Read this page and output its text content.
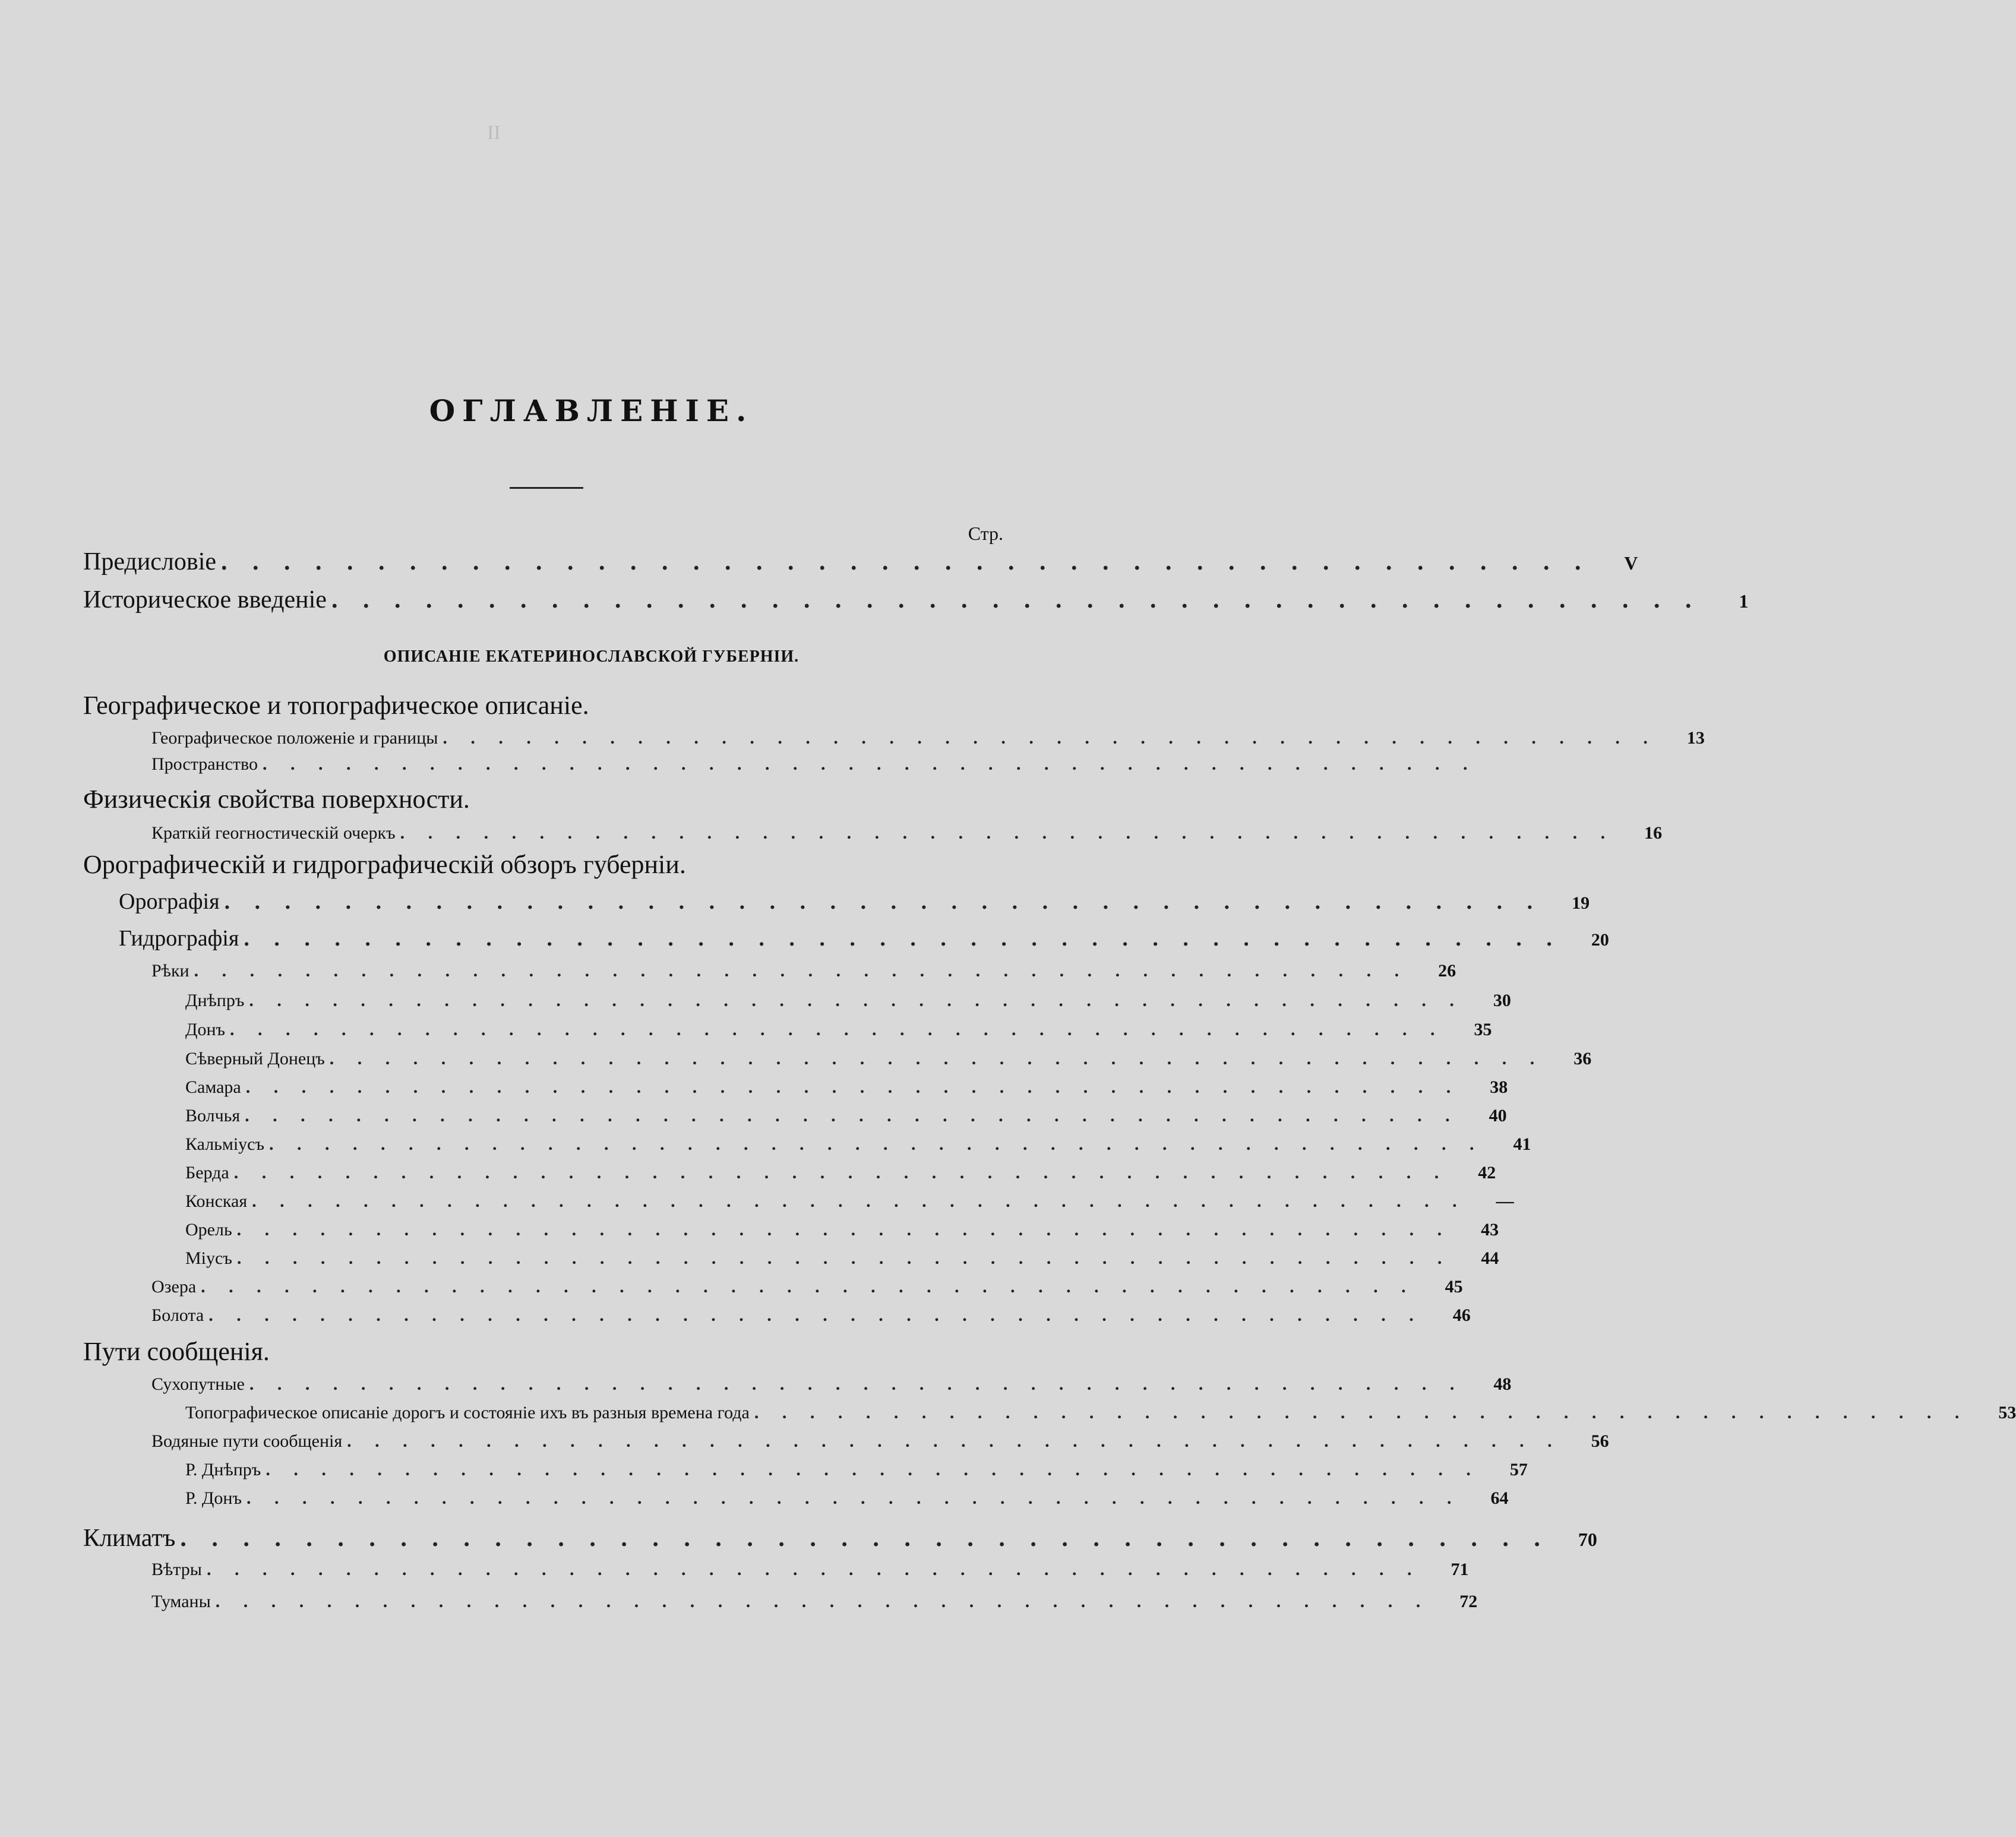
II
ОГЛАВЛЕНІЕ.
Стр.
Предисловіе . . . . . . . . . . . . . . . . . . . . . . . . . . . . . . . . . . . . . . . . . . . .	V
Историческое введеніе . . . . . . . . . . . . . . . . . . . . . . . . . . . . . . . . . . . . . . . . . . . .	1
ОПИСАНІЕ ЕКАТЕРИНОСЛАВСКОЙ ГУБЕРНІИ.
Географическое и топографическое описаніе.
Географическое положеніе и границы . . . . . . . . . . . . . . . . . . . . . . . . . . . . . . . . . . . . . . . . . . . .	13
Пространство . . . . . . . . . . . . . . . . . . . . . . . . . . . . . . . . . . . . . . . . . . . .
Физическія свойства поверхности.
Краткій геогностическій очеркъ . . . . . . . . . . . . . . . . . . . . . . . . . . . . . . . . . . . . . . . . . . . .	16
Орографическій и гидрографическій обзоръ губерніи.
Орографія . . . . . . . . . . . . . . . . . . . . . . . . . . . . . . . . . . . . . . . . . . . .	19
Гидрографія . . . . . . . . . . . . . . . . . . . . . . . . . . . . . . . . . . . . . . . . . . . .	20
Рѣки . . . . . . . . . . . . . . . . . . . . . . . . . . . . . . . . . . . . . . . . . . . .	26
Днѣпръ . . . . . . . . . . . . . . . . . . . . . . . . . . . . . . . . . . . . . . . . . . . .	30
Донъ . . . . . . . . . . . . . . . . . . . . . . . . . . . . . . . . . . . . . . . . . . . .	35
Сѣверный Донецъ . . . . . . . . . . . . . . . . . . . . . . . . . . . . . . . . . . . . . . . . . . . .	36
Самара . . . . . . . . . . . . . . . . . . . . . . . . . . . . . . . . . . . . . . . . . . . .	38
Волчья . . . . . . . . . . . . . . . . . . . . . . . . . . . . . . . . . . . . . . . . . . . .	40
Кальміусъ . . . . . . . . . . . . . . . . . . . . . . . . . . . . . . . . . . . . . . . . . . . .	41
Берда . . . . . . . . . . . . . . . . . . . . . . . . . . . . . . . . . . . . . . . . . . . .	42
Конская . . . . . . . . . . . . . . . . . . . . . . . . . . . . . . . . . . . . . . . . . . . .	—
Орель . . . . . . . . . . . . . . . . . . . . . . . . . . . . . . . . . . . . . . . . . . . .	43
Міусъ . . . . . . . . . . . . . . . . . . . . . . . . . . . . . . . . . . . . . . . . . . . .	44
Озера . . . . . . . . . . . . . . . . . . . . . . . . . . . . . . . . . . . . . . . . . . . .	45
Болота . . . . . . . . . . . . . . . . . . . . . . . . . . . . . . . . . . . . . . . . . . . .	46
Пути сообщенія.
Сухопутные . . . . . . . . . . . . . . . . . . . . . . . . . . . . . . . . . . . . . . . . . . . .	48
Топографическое описаніе дорогъ и состояніе ихъ въ разныя времена года . . . . . . . . . . . . . . . . . . . . . . . . . . . . . . . . . . . . . . . . . . . .	53
Водяные пути сообщенія . . . . . . . . . . . . . . . . . . . . . . . . . . . . . . . . . . . . . . . . . . . .	56
Р. Днѣпръ . . . . . . . . . . . . . . . . . . . . . . . . . . . . . . . . . . . . . . . . . . . .	57
Р. Донъ . . . . . . . . . . . . . . . . . . . . . . . . . . . . . . . . . . . . . . . . . . . .	64
Климатъ . . . . . . . . . . . . . . . . . . . . . . . . . . . . . . . . . . . . . . . . . . . .	70
Вѣтры . . . . . . . . . . . . . . . . . . . . . . . . . . . . . . . . . . . . . . . . . . . .	71
Туманы . . . . . . . . . . . . . . . . . . . . . . . . . . . . . . . . . . . . . . . . . . . .	72
